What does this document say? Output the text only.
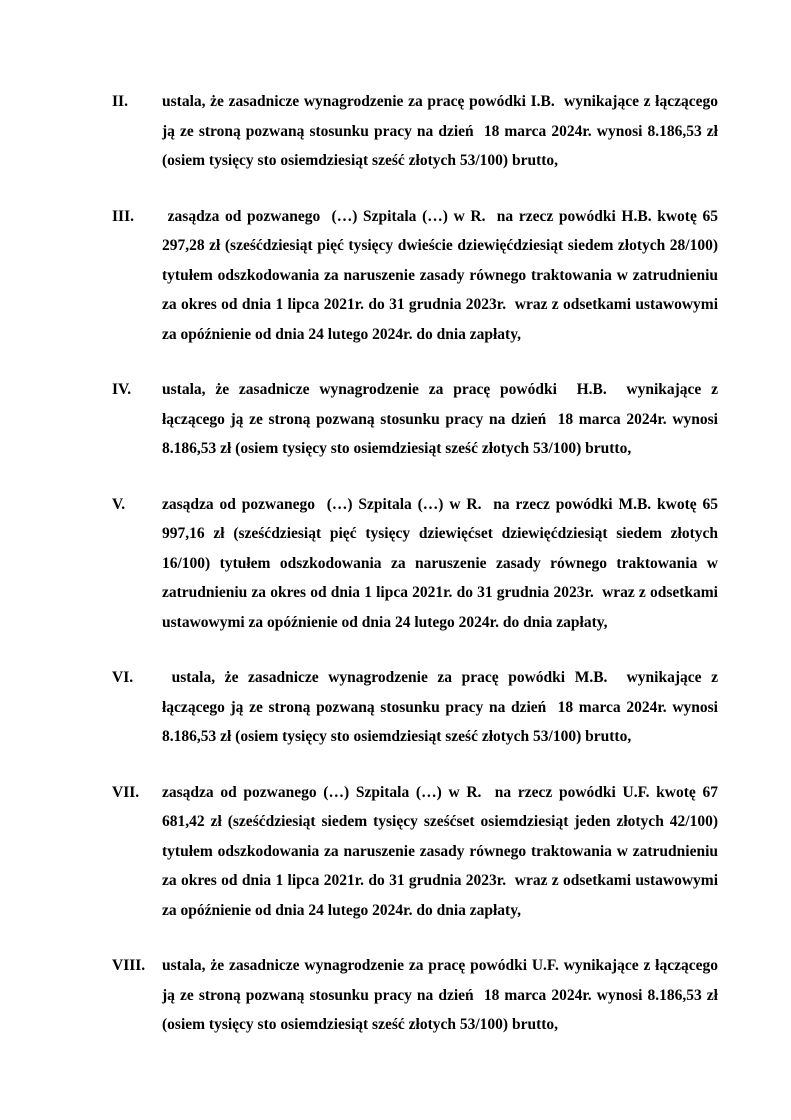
II.	ustala, że zasadnicze wynagrodzenie za pracę powódki I.B.  wynikające z łączącego ją ze stroną pozwaną stosunku pracy na dzień  18 marca 2024r. wynosi 8.186,53 zł (osiem tysięcy sto osiemdziesiąt sześć złotych 53/100) brutto,

III.	zasądza od pozwanego  (…) Szpitala (…) w R.  na rzecz powódki H.B. kwotę 65 297,28 zł (sześćdziesiąt pięć tysięcy dwieście dziewięćdziesiąt siedem złotych 28/100)  tytułem odszkodowania za naruszenie zasady równego traktowania w zatrudnieniu za okres od dnia 1 lipca 2021r. do 31 grudnia 2023r.  wraz z odsetkami ustawowymi za opóźnienie od dnia 24 lutego 2024r. do dnia zapłaty,

IV.	ustala, że zasadnicze wynagrodzenie za pracę powódki  H.B.  wynikające z łączącego ją ze stroną pozwaną stosunku pracy na dzień  18 marca 2024r. wynosi 8.186,53 zł (osiem tysięcy sto osiemdziesiąt sześć złotych 53/100) brutto,

V.	zasądza od pozwanego  (…) Szpitala (…) w R.  na rzecz powódki M.B. kwotę 65 997,16 zł (sześćdziesiąt pięć tysięcy dziewięćset dziewięćdziesiąt siedem złotych 16/100) tytułem odszkodowania za naruszenie zasady równego traktowania w zatrudnieniu za okres od dnia 1 lipca 2021r. do 31 grudnia 2023r.  wraz z odsetkami ustawowymi za opóźnienie od dnia 24 lutego 2024r. do dnia zapłaty,

VI.	ustala, że zasadnicze wynagrodzenie za pracę powódki M.B.  wynikające z łączącego ją ze stroną pozwaną stosunku pracy na dzień  18 marca 2024r. wynosi 8.186,53 zł (osiem tysięcy sto osiemdziesiąt sześć złotych 53/100) brutto,

VII.	zasądza od pozwanego (…) Szpitala (…) w R.  na rzecz powódki U.F. kwotę 67 681,42 zł (sześćdziesiąt siedem tysięcy sześćset osiemdziesiąt jeden złotych 42/100)  tytułem odszkodowania za naruszenie zasady równego traktowania w zatrudnieniu za okres od dnia 1 lipca 2021r. do 31 grudnia 2023r.  wraz z odsetkami ustawowymi za opóźnienie od dnia 24 lutego 2024r. do dnia zapłaty,

VIII.	ustala, że zasadnicze wynagrodzenie za pracę powódki U.F. wynikające z łączącego ją ze stroną pozwaną stosunku pracy na dzień  18 marca 2024r. wynosi 8.186,53 zł (osiem tysięcy sto osiemdziesiąt sześć złotych 53/100) brutto,
